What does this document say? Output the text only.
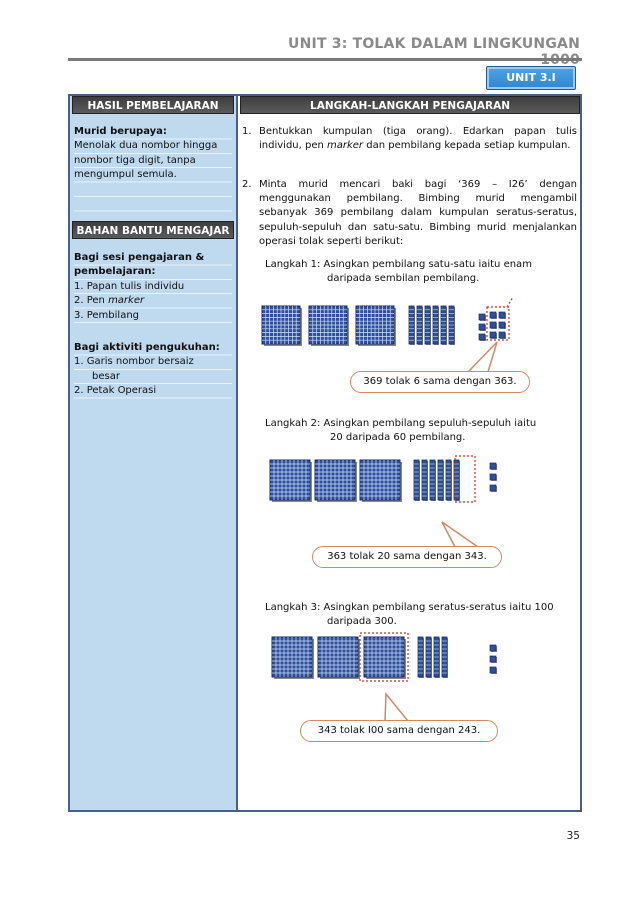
UNIT 3: TOLAK DALAM LINGKUNGAN
UNIT 3.I
HASIL PEMBELAJARAN	LANGKAH-LANGKAH PENGAJARAN
Murid berupaya:
Menolak dua nombor hingga nombor tiga digit, tanpa mengumpul semula.
BAHAN BANTU MENGAJAR
Bagi sesi pengajaran & pembelajaran:
1. Papan tulis individu
2. Pen marker
3. Pembilang
Bagi aktiviti pengukuhan:
1. Garis nombor bersaiz
besar
2. Petak Operasi
1. Bentukkan kumpulan (tiga orang). Edarkan papan tulis individu, pen marker dan pembilang kepada setiap kumpulan.
2. Minta murid mencari baki bagi ‘369 – I26’ dengan menggunakan pembilang. Bimbing murid mengambil sebanyak 369 pembilang dalam kumpulan seratus-seratus, sepuluh-sepuluh dan satu-satu. Bimbing murid menjalankan operasi tolak seperti berikut:
Langkah 1: Asingkan pembilang satu-satu iaitu enam
daripada sembilan pembilang.
Langkah 2: Asingkan pembilang sepuluh-sepuluh iaitu
20 daripada 60 pembilang.
Langkah 3: Asingkan pembilang seratus-seratus iaitu 100
daripada 300.
369 tolak 6 sama dengan 363.
363 tolak 20 sama dengan 343.
343 tolak I00 sama dengan 243.
35
